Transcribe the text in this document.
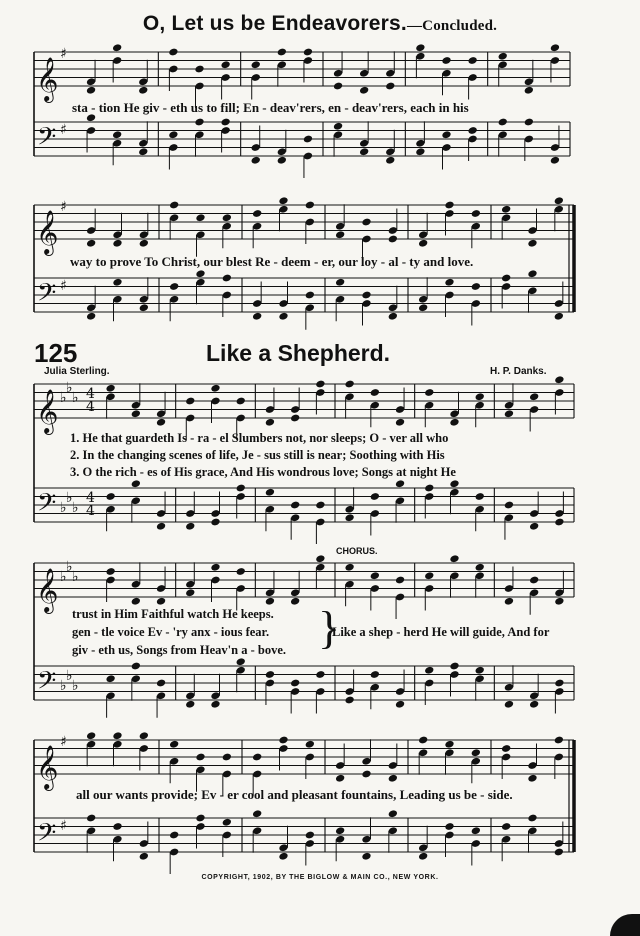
O, Let us be Endeavorers.—Concluded.
125	Like a Shepherd.
Julia Sterling.	H. P. Danks.
CHORUS.
sta - tion He giv - eth us to fill; En - deav'rers, en - deav'rers, each in his
way to prove To Christ, our blest Re - deem - er, our loy - al - ty and love.
1. He that guardeth Is - ra - el Slumbers not, nor sleeps; O - ver all who
2. In the changing scenes of life, Je - sus still is near; Soothing with His
3. O the rich - es of His grace, And His wondrous love; Songs at night He
trust in Him Faithful watch He keeps.
gen - tle voice Ev - 'ry anx - ious fear.
giv - eth us, Songs from Heav'n a - bove. }
Like a shep - herd He will guide, And for
all our wants provide; Ev - er cool and pleasant fountains, Leading us be - side.
COPYRIGHT, 1902, BY THE BIGLOW & MAIN CO., NEW YORK.
𝄞
𝄢
♯
♯
𝄞
𝄢
♯
♯
𝄞
𝄢
♭
♭
♭
♭
♭
♭
4
4
4
4
𝄞
𝄢
♭
♭
♭
♭
♭
♭
𝄞
𝄢
♯
♯
